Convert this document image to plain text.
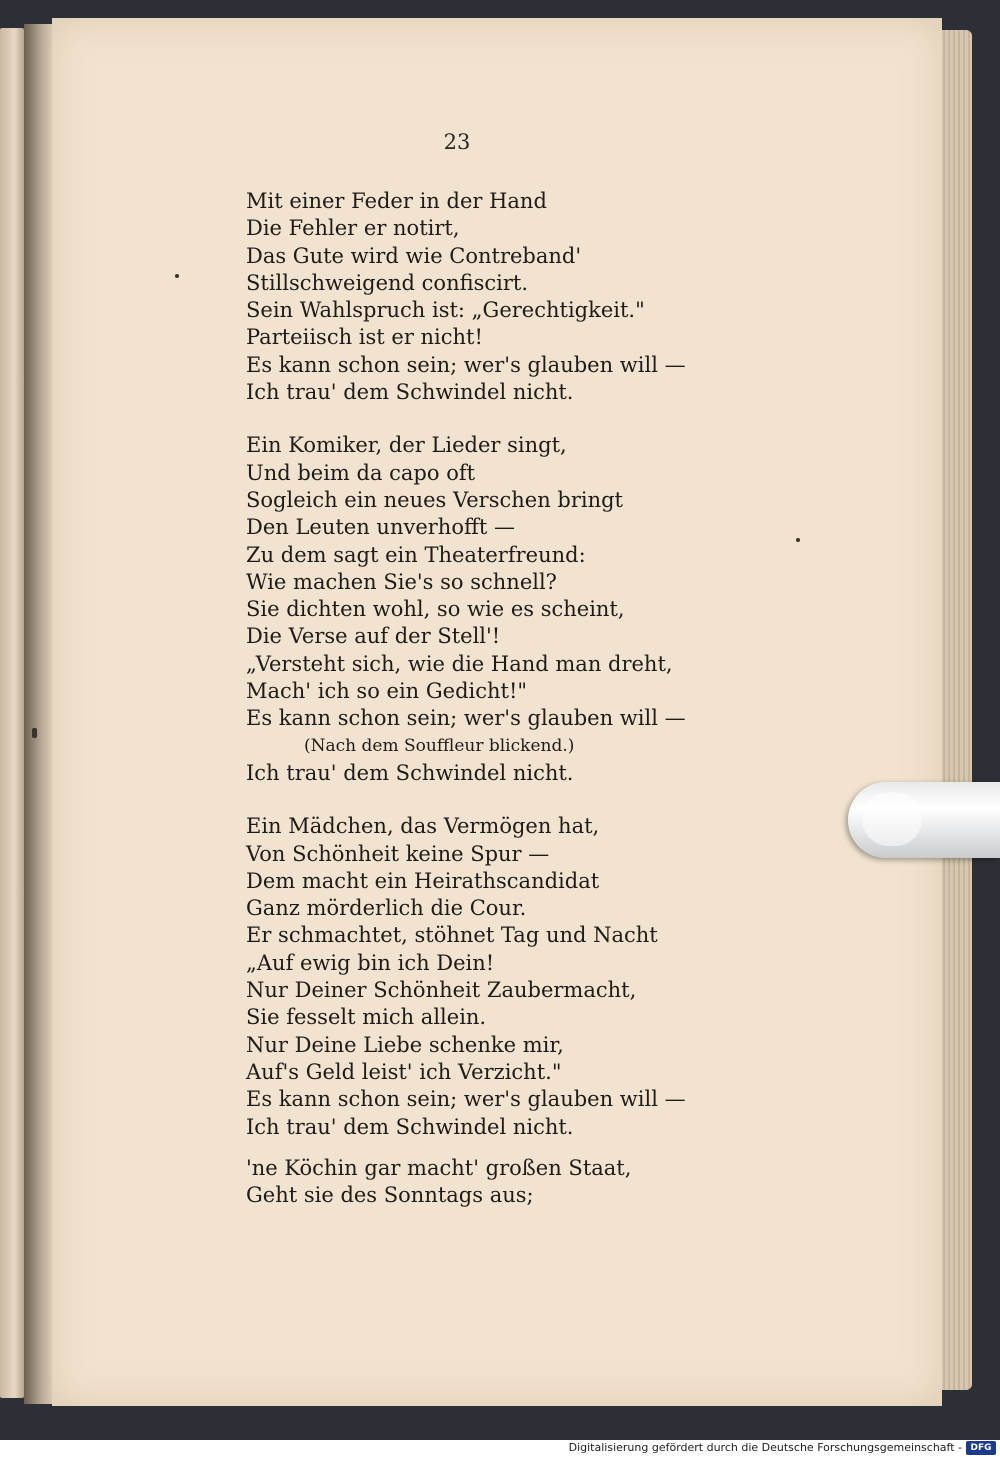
23
Mit einer Feder in der Hand
Die Fehler er notirt,
Das Gute wird wie Contreband'
Stillschweigend confiscirt.
Sein Wahlspruch ist: „Gerechtigkeit."
Parteiisch ist er nicht!
Es kann schon sein; wer's glauben will —
Ich trau' dem Schwindel nicht.
Ein Komiker, der Lieder singt,
Und beim da capo oft
Sogleich ein neues Verschen bringt
Den Leuten unverhofft —
Zu dem sagt ein Theaterfreund:
Wie machen Sie's so schnell?
Sie dichten wohl, so wie es scheint,
Die Verse auf der Stell'!
„Versteht sich, wie die Hand man dreht,
Mach' ich so ein Gedicht!"
Es kann schon sein; wer's glauben will —
(Nach dem Souffleur blickend.)
Ich trau' dem Schwindel nicht.
Ein Mädchen, das Vermögen hat,
Von Schönheit keine Spur —
Dem macht ein Heirathscandidat
Ganz mörderlich die Cour.
Er schmachtet, stöhnet Tag und Nacht
„Auf ewig bin ich Dein!
Nur Deiner Schönheit Zaubermacht,
Sie fesselt mich allein.
Nur Deine Liebe schenke mir,
Auf's Geld leist' ich Verzicht."
Es kann schon sein; wer's glauben will —
Ich trau' dem Schwindel nicht.
'ne Köchin gar macht' großen Staat,
Geht sie des Sonntags aus;
Digitalisierung gefördert durch die Deutsche Forschungsgemeinschaft - DFG
